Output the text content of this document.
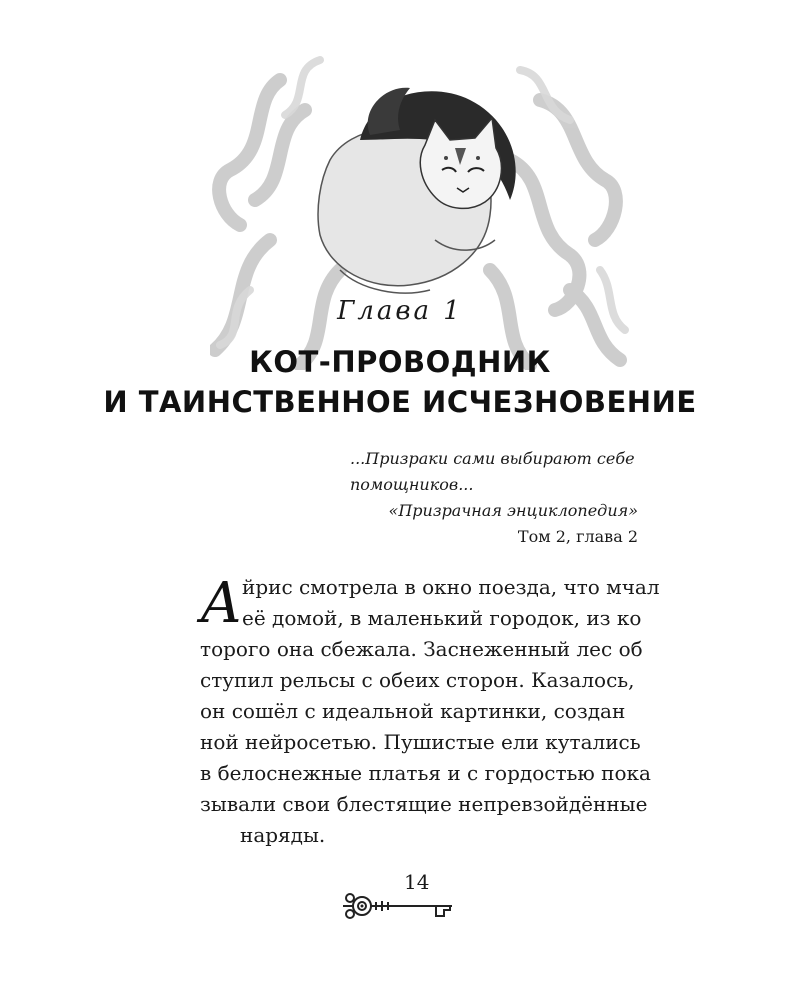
Глава 1
КОТ-ПРОВОДНИК
И ТАИНСТВЕННОЕ ИСЧЕЗНОВЕНИЕ
...Призраки сами выбирают себе
помощников...
«Призрачная энциклопедия»
Том 2, глава 2
А йрис смотрела в окно поезда, что мчал
её домой, в маленький городок, из ко
торого она сбежала. Заснеженный лес об
ступил рельсы с обеих сторон. Казалось,
он сошёл с идеальной картинки, создан
ной нейросетью. Пушистые ели кутались
в белоснежные платья и с гордостью пока
зывали свои блестящие непревзойдённые
наряды.
14
